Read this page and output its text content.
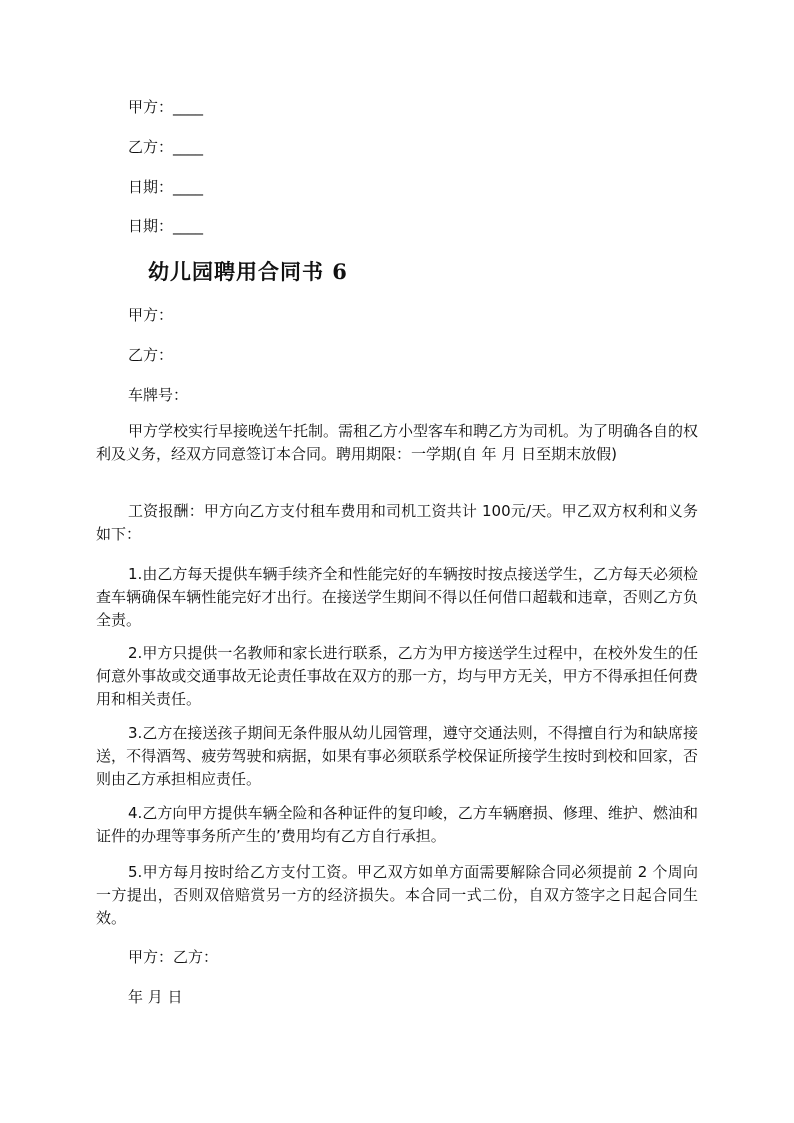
甲方：____
乙方：____
日期：____
日期：____
幼儿园聘用合同书 6
甲方：
乙方：
车牌号：
甲方学校实行早接晚送午托制。需租乙方小型客车和聘乙方为司机。为了明确各自的权利及义务，经双方同意签订本合同。聘用期限：一学期(自 年 月 日至期末放假)
工资报酬：甲方向乙方支付租车费用和司机工资共计 100元/天。甲乙双方权利和义务如下：
1.由乙方每天提供车辆手续齐全和性能完好的车辆按时按点接送学生，乙方每天必须检查车辆确保车辆性能完好才出行。在接送学生期间不得以任何借口超载和违章，否则乙方负全责。
2.甲方只提供一名教师和家长进行联系，乙方为甲方接送学生过程中，在校外发生的任何意外事故或交通事故无论责任事故在双方的那一方，均与甲方无关，甲方不得承担任何费用和相关责任。
3.乙方在接送孩子期间无条件服从幼儿园管理，遵守交通法则，不得擅自行为和缺席接送，不得酒驾、疲劳驾驶和病据，如果有事必须联系学校保证所接学生按时到校和回家，否则由乙方承担相应责任。
4.乙方向甲方提供车辆全险和各种证件的复印峻，乙方车辆磨损、修理、维护、燃油和证件的办理等事务所产生的’费用均有乙方自行承担。
5.甲方每月按时给乙方支付工资。甲乙双方如单方面需要解除合同必须提前 2 个周向一方提出，否则双倍赔赏另一方的经济损失。本合同一式二份，自双方签字之日起合同生效。
甲方：乙方：
年 月 日
